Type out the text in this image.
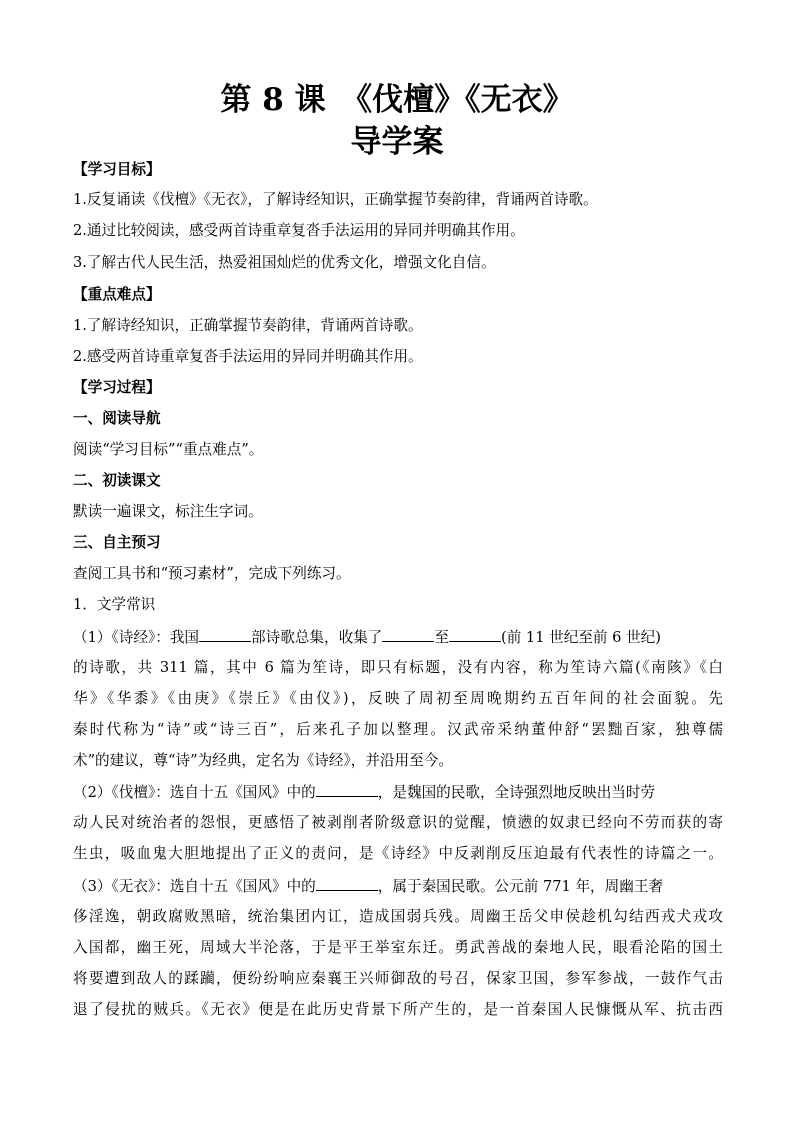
第 8 课　《伐檀》《无衣》
导学案
【学习目标】
1.反复诵读《伐檀》《无衣》，了解诗经知识，正确掌握节奏韵律，背诵两首诗歌。
2.通过比较阅读，感受两首诗重章复沓手法运用的异同并明确其作用。
3.了解古代人民生活，热爱祖国灿烂的优秀文化，增强文化自信。
【重点难点】
1.了解诗经知识，正确掌握节奏韵律，背诵两首诗歌。
2.感受两首诗重章复沓手法运用的异同并明确其作用。
【学习过程】
一、阅读导航
阅读“学习目标”“重点难点”。
二、初读课文
默读一遍课文，标注生字词。
三、自主预习
查阅工具书和“预习素材”，完成下列练习。
1．文学常识
（1）《诗经》：我国	部诗歌总集，收集了	至	(前 11 世纪至前 6 世纪)
的诗歌，共 311 篇，其中 6 篇为笙诗，即只有标题，没有内容，称为笙诗六篇(《南陔》《白
华》《华黍》《由庚》《崇丘》《由仪》)，反映了周初至周晚期约五百年间的社会面貌。先
秦时代称为“诗”或“诗三百”，后来孔子加以整理。汉武帝采纳董仲舒“罢黜百家，独尊儒
术”的建议，尊“诗”为经典，定名为《诗经》，并沿用至今。
（2）《伐檀》：选自十五《国风》中的	，是魏国的民歌，全诗强烈地反映出当时劳
动人民对统治者的怨恨，更感悟了被剥削者阶级意识的觉醒，愤懑的奴隶已经向不劳而获的寄
生虫，吸血鬼大胆地提出了正义的责问，是《诗经》中反剥削反压迫最有代表性的诗篇之一。
（3）《无衣》：选自十五《国风》中的	，属于秦国民歌。公元前 771 年，周幽王奢
侈淫逸，朝政腐败黑暗，统治集团内讧，造成国弱兵残。周幽王岳父申侯趁机勾结西戎犬戎攻
入国都，幽王死，周域大半沦落，于是平王举室东迁。勇武善战的秦地人民，眼看沦陷的国土
将要遭到敌人的蹂躏，便纷纷响应秦襄王兴师御敌的号召，保家卫国，参军参战，一鼓作气击
退了侵扰的贼兵。《无衣》便是在此历史背景下所产生的，是一首秦国人民慷慨从军、抗击西
